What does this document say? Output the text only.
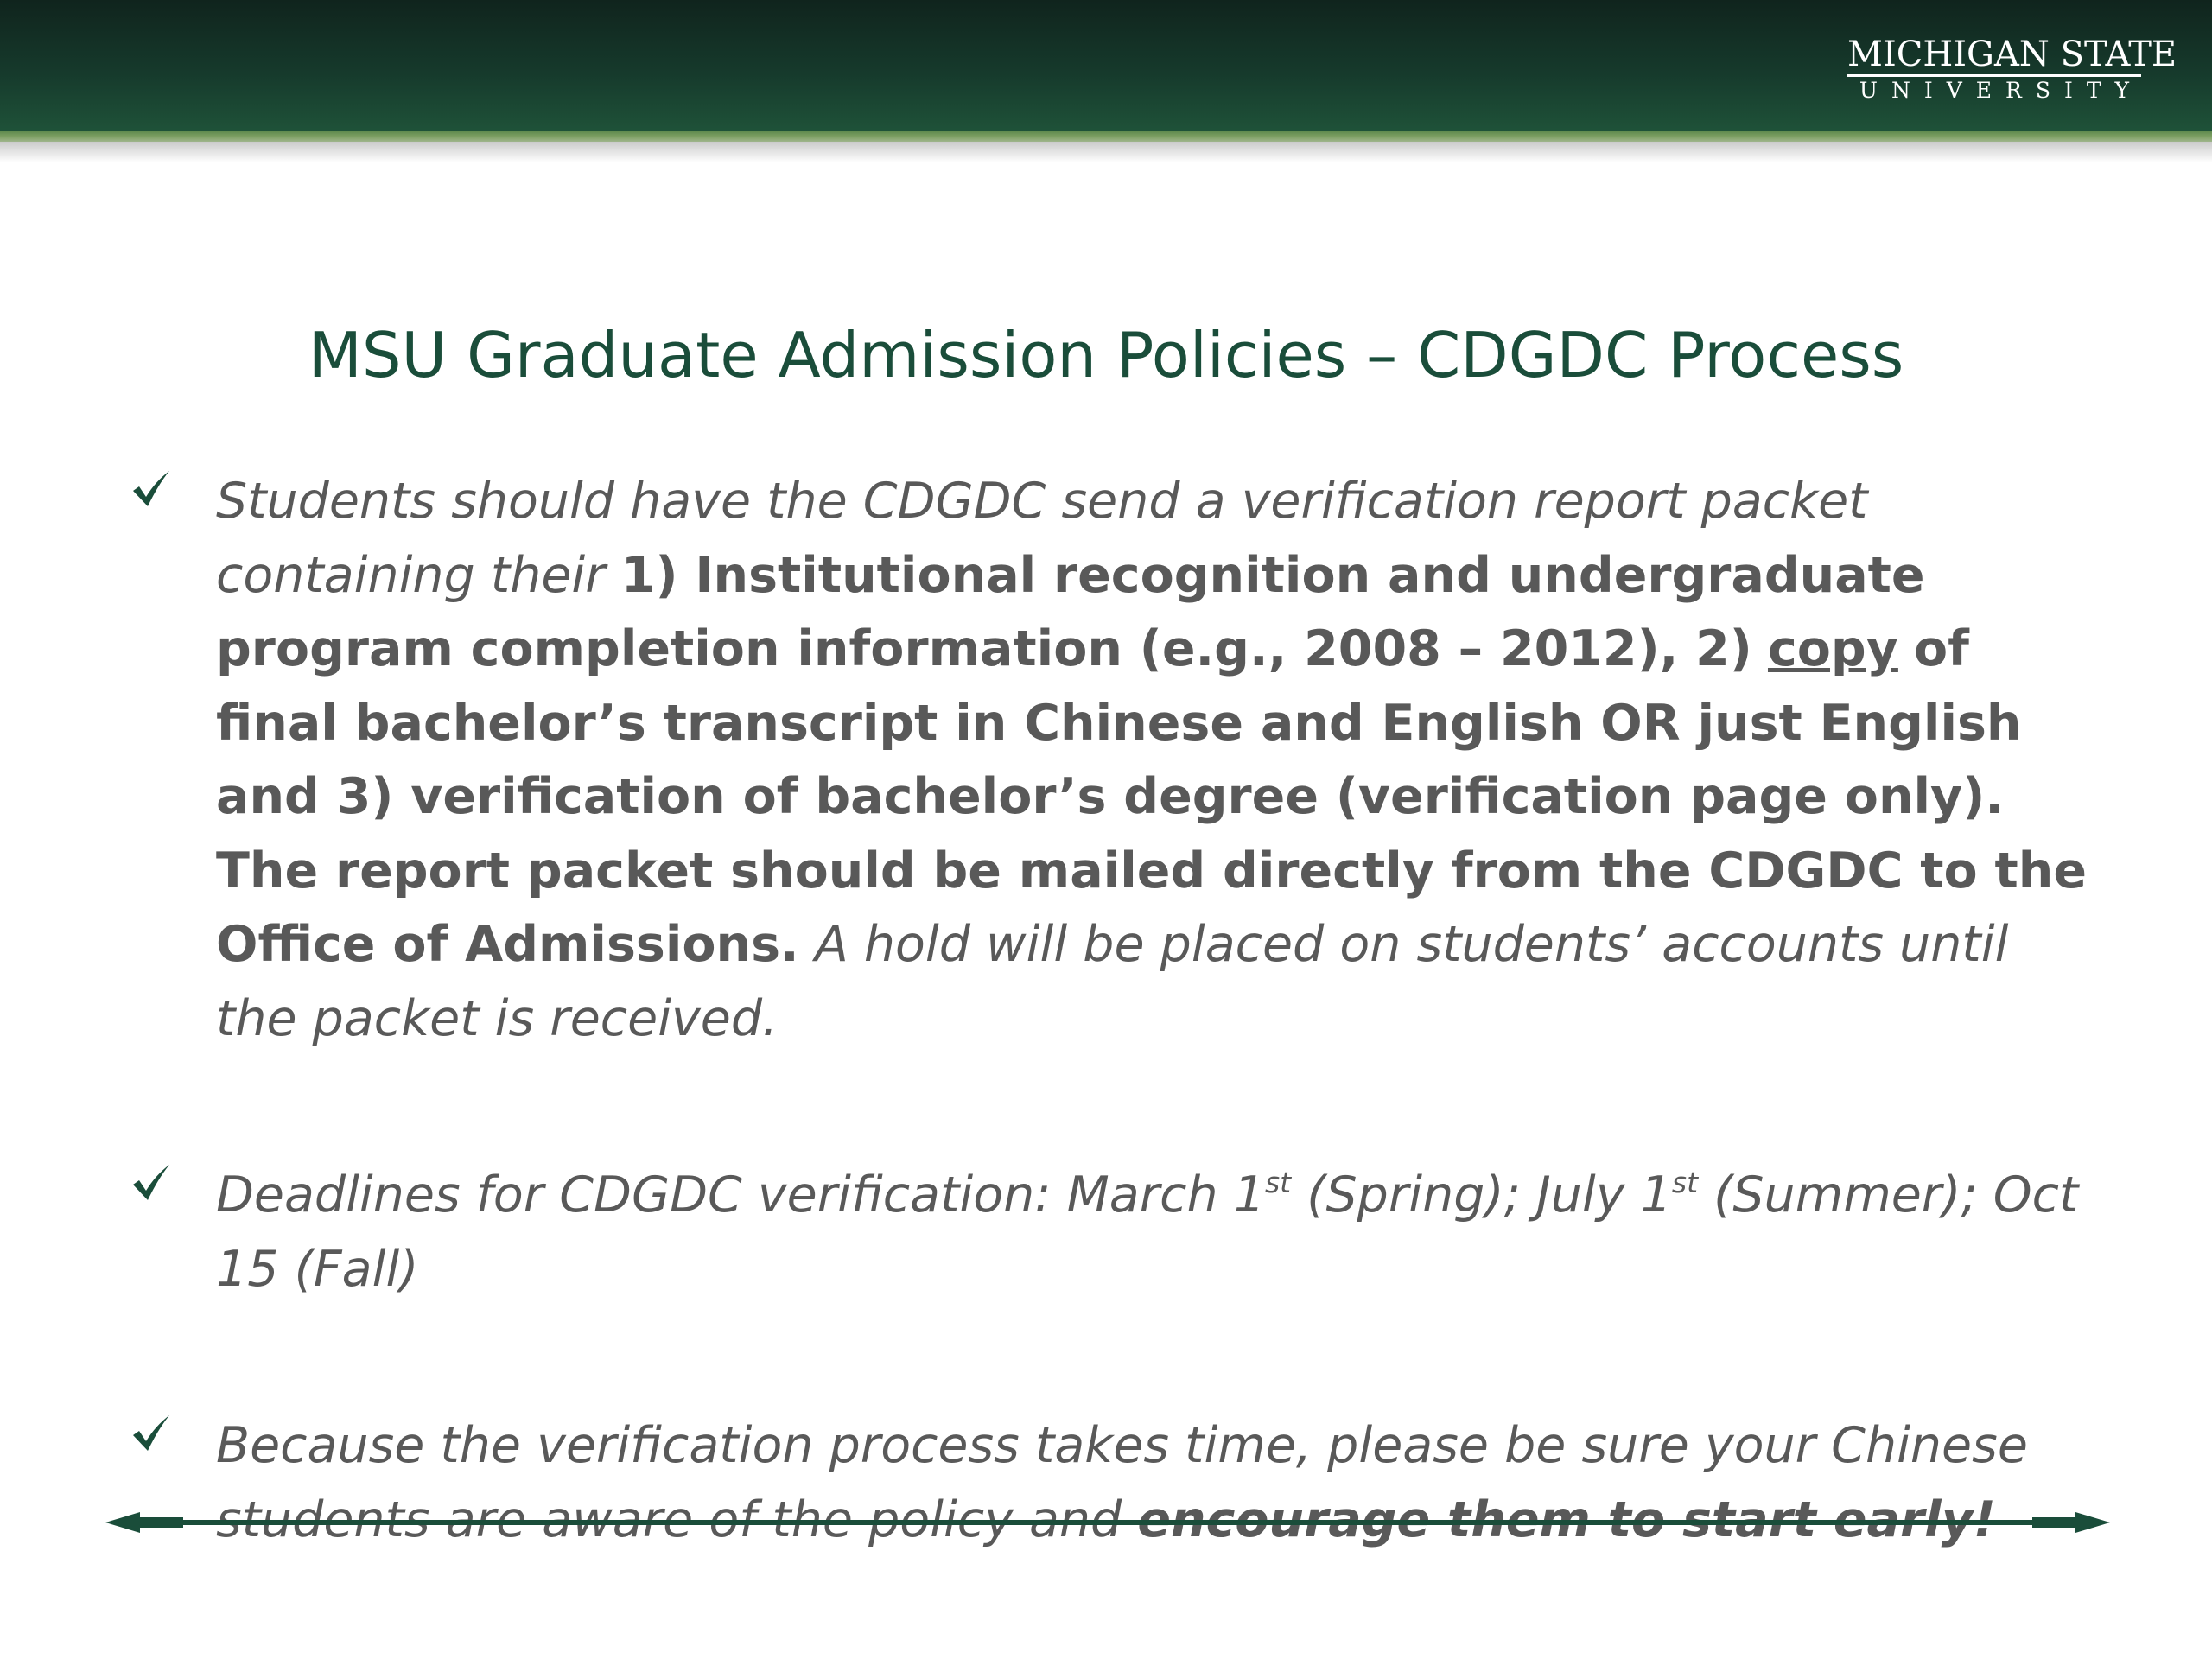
MICHIGAN STATE
UNIVERSITY
MSU Graduate Admission Policies – CDGDC Process
Students should have the CDGDC send a verification report packet containing their 1) Institutional recognition and undergraduate program completion information (e.g., 2008 – 2012), 2) copy of final bachelor’s transcript in Chinese and English OR just English and 3) verification of bachelor’s degree (verification page only). The report packet should be mailed directly from the CDGDC to the Office of Admissions. A hold will be placed on students’ accounts until the packet is received.
Deadlines for CDGDC verification: March 1st (Spring); July 1st (Summer); Oct 15 (Fall)
Because the verification process takes time, please be sure your Chinese students are aware of the policy and encourage them to start early!
